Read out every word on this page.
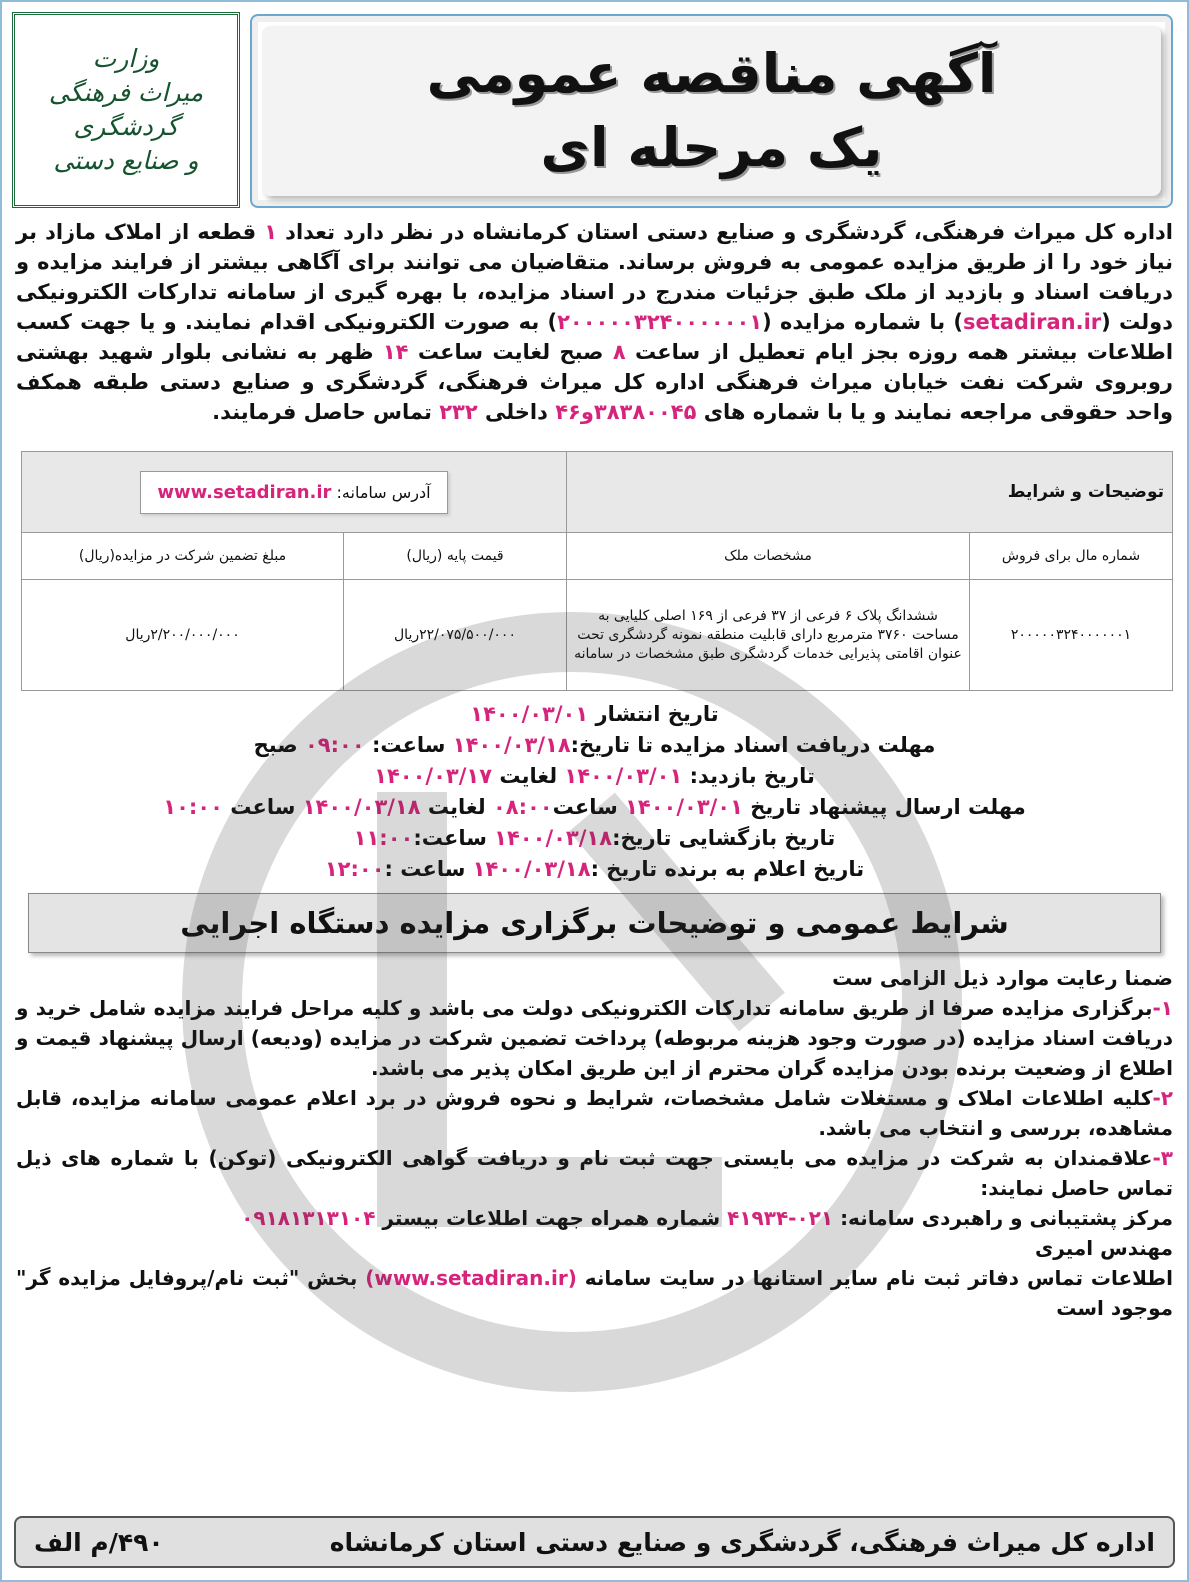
آگهی مناقصه عمومی
یک مرحله ای
وزارت
میراث فرهنگی
گردشگری
و صنایع دستی
اداره کل میراث فرهنگی، گردشگری و صنایع دستی استان کرمانشاه در نظر دارد تعداد ۱ قطعه از املاک مازاد بر نیاز خود را از طریق مزایده عمومی به فروش برساند. متقاضیان می توانند برای آگاهی بیشتر از فرایند مزایده و دریافت اسناد و بازدید از ملک طبق جزئیات مندرج در اسناد مزایده، با بهره گیری از سامانه تدارکات الکترونیکی دولت (setadiran.ir) با شماره مزایده (۲۰۰۰۰۰۳۲۴۰۰۰۰۰۰۱) به صورت الکترونیکی اقدام نمایند. و یا جهت کسب اطلاعات بیشتر همه روزه بجز ایام تعطیل از ساعت ۸ صبح لغایت ساعت ۱۴ ظهر به نشانی بلوار شهید بهشتی روبروی شرکت نفت خیابان میراث فرهنگی اداره کل میراث فرهنگی، گردشگری و صنایع دستی طبقه همکف واحد حقوقی مراجعه نمایند و یا با شماره های ۳۸۳۸۰۰۴۵و۴۶ داخلی ۲۳۲ تماس حاصل فرمایند.
توضیحات و شرایط		آدرس سامانه: www.setadiran.ir	
شماره مال برای فروش	مشخصات ملک	قیمت پایه (ریال)	مبلغ تضمین شرکت در مزایده(ریال)
۲۰۰۰۰۰۳۲۴۰۰۰۰۰۰۱	ششدانگ پلاک ۶ فرعی از ۳۷ فرعی از ۱۶۹ اصلی کلیایی به مساحت ۳۷۶۰ مترمربع دارای قابلیت منطقه نمونه گردشگری تحت عنوان اقامتی پذیرایی خدمات گردشگری طبق مشخصات در سامانه	۲۲/۰۷۵/۵۰۰/۰۰۰ریال	۲/۲۰۰/۰۰۰/۰۰۰ریال
تاریخ انتشار ۱۴۰۰/۰۳/۰۱
مهلت دریافت اسناد مزایده تا تاریخ:۱۴۰۰/۰۳/۱۸ ساعت: ۰۹:۰۰ صبح
تاریخ بازدید: ۱۴۰۰/۰۳/۰۱ لغایت ۱۴۰۰/۰۳/۱۷
مهلت ارسال پیشنهاد تاریخ ۱۴۰۰/۰۳/۰۱ ساعت۰۸:۰۰ لغایت ۱۴۰۰/۰۳/۱۸ ساعت ۱۰:۰۰
تاریخ بازگشایی تاریخ:۱۴۰۰/۰۳/۱۸ ساعت:۱۱:۰۰
تاریخ اعلام به برنده تاریخ :۱۴۰۰/۰۳/۱۸ ساعت :۱۲:۰۰
شرایط عمومی و توضیحات برگزاری مزایده دستگاه اجرایی
ضمنا رعایت موارد ذیل الزامی ست
۱-برگزاری مزایده صرفا از طریق سامانه تدارکات الکترونیکی دولت می باشد و کلیه مراحل فرایند مزایده شامل خرید و دریافت اسناد مزایده (در صورت وجود هزینه مربوطه) پرداخت تضمین شرکت در مزایده (ودیعه) ارسال پیشنهاد قیمت و اطلاع از وضعیت برنده بودن مزایده گران محترم از این طریق امکان پذیر می باشد.
۲-کلیه اطلاعات املاک و مستغلات شامل مشخصات، شرایط و نحوه فروش در برد اعلام عمومی سامانه مزایده، قابل مشاهده، بررسی و انتخاب می باشد.
۳-علاقمندان به شرکت در مزایده می بایستی جهت ثبت نام و دریافت گواهی الکترونیکی (توکن) با شماره های ذیل تماس حاصل نمایند:
مرکز پشتیبانی و راهبردی سامانه: ۰۲۱-۴۱۹۳۴ شماره همراه جهت اطلاعات بیستر ۰۹۱۸۱۳۱۳۱۰۴
مهندس امیری
اطلاعات تماس دفاتر ثبت نام سایر استانها در سایت سامانه (www.setadiran.ir) بخش "ثبت نام/پروفایل مزایده گر" موجود است
اداره کل میراث فرهنگی، گردشگری و صنایع دستی استان کرمانشاه
۴۹۰/م الف
